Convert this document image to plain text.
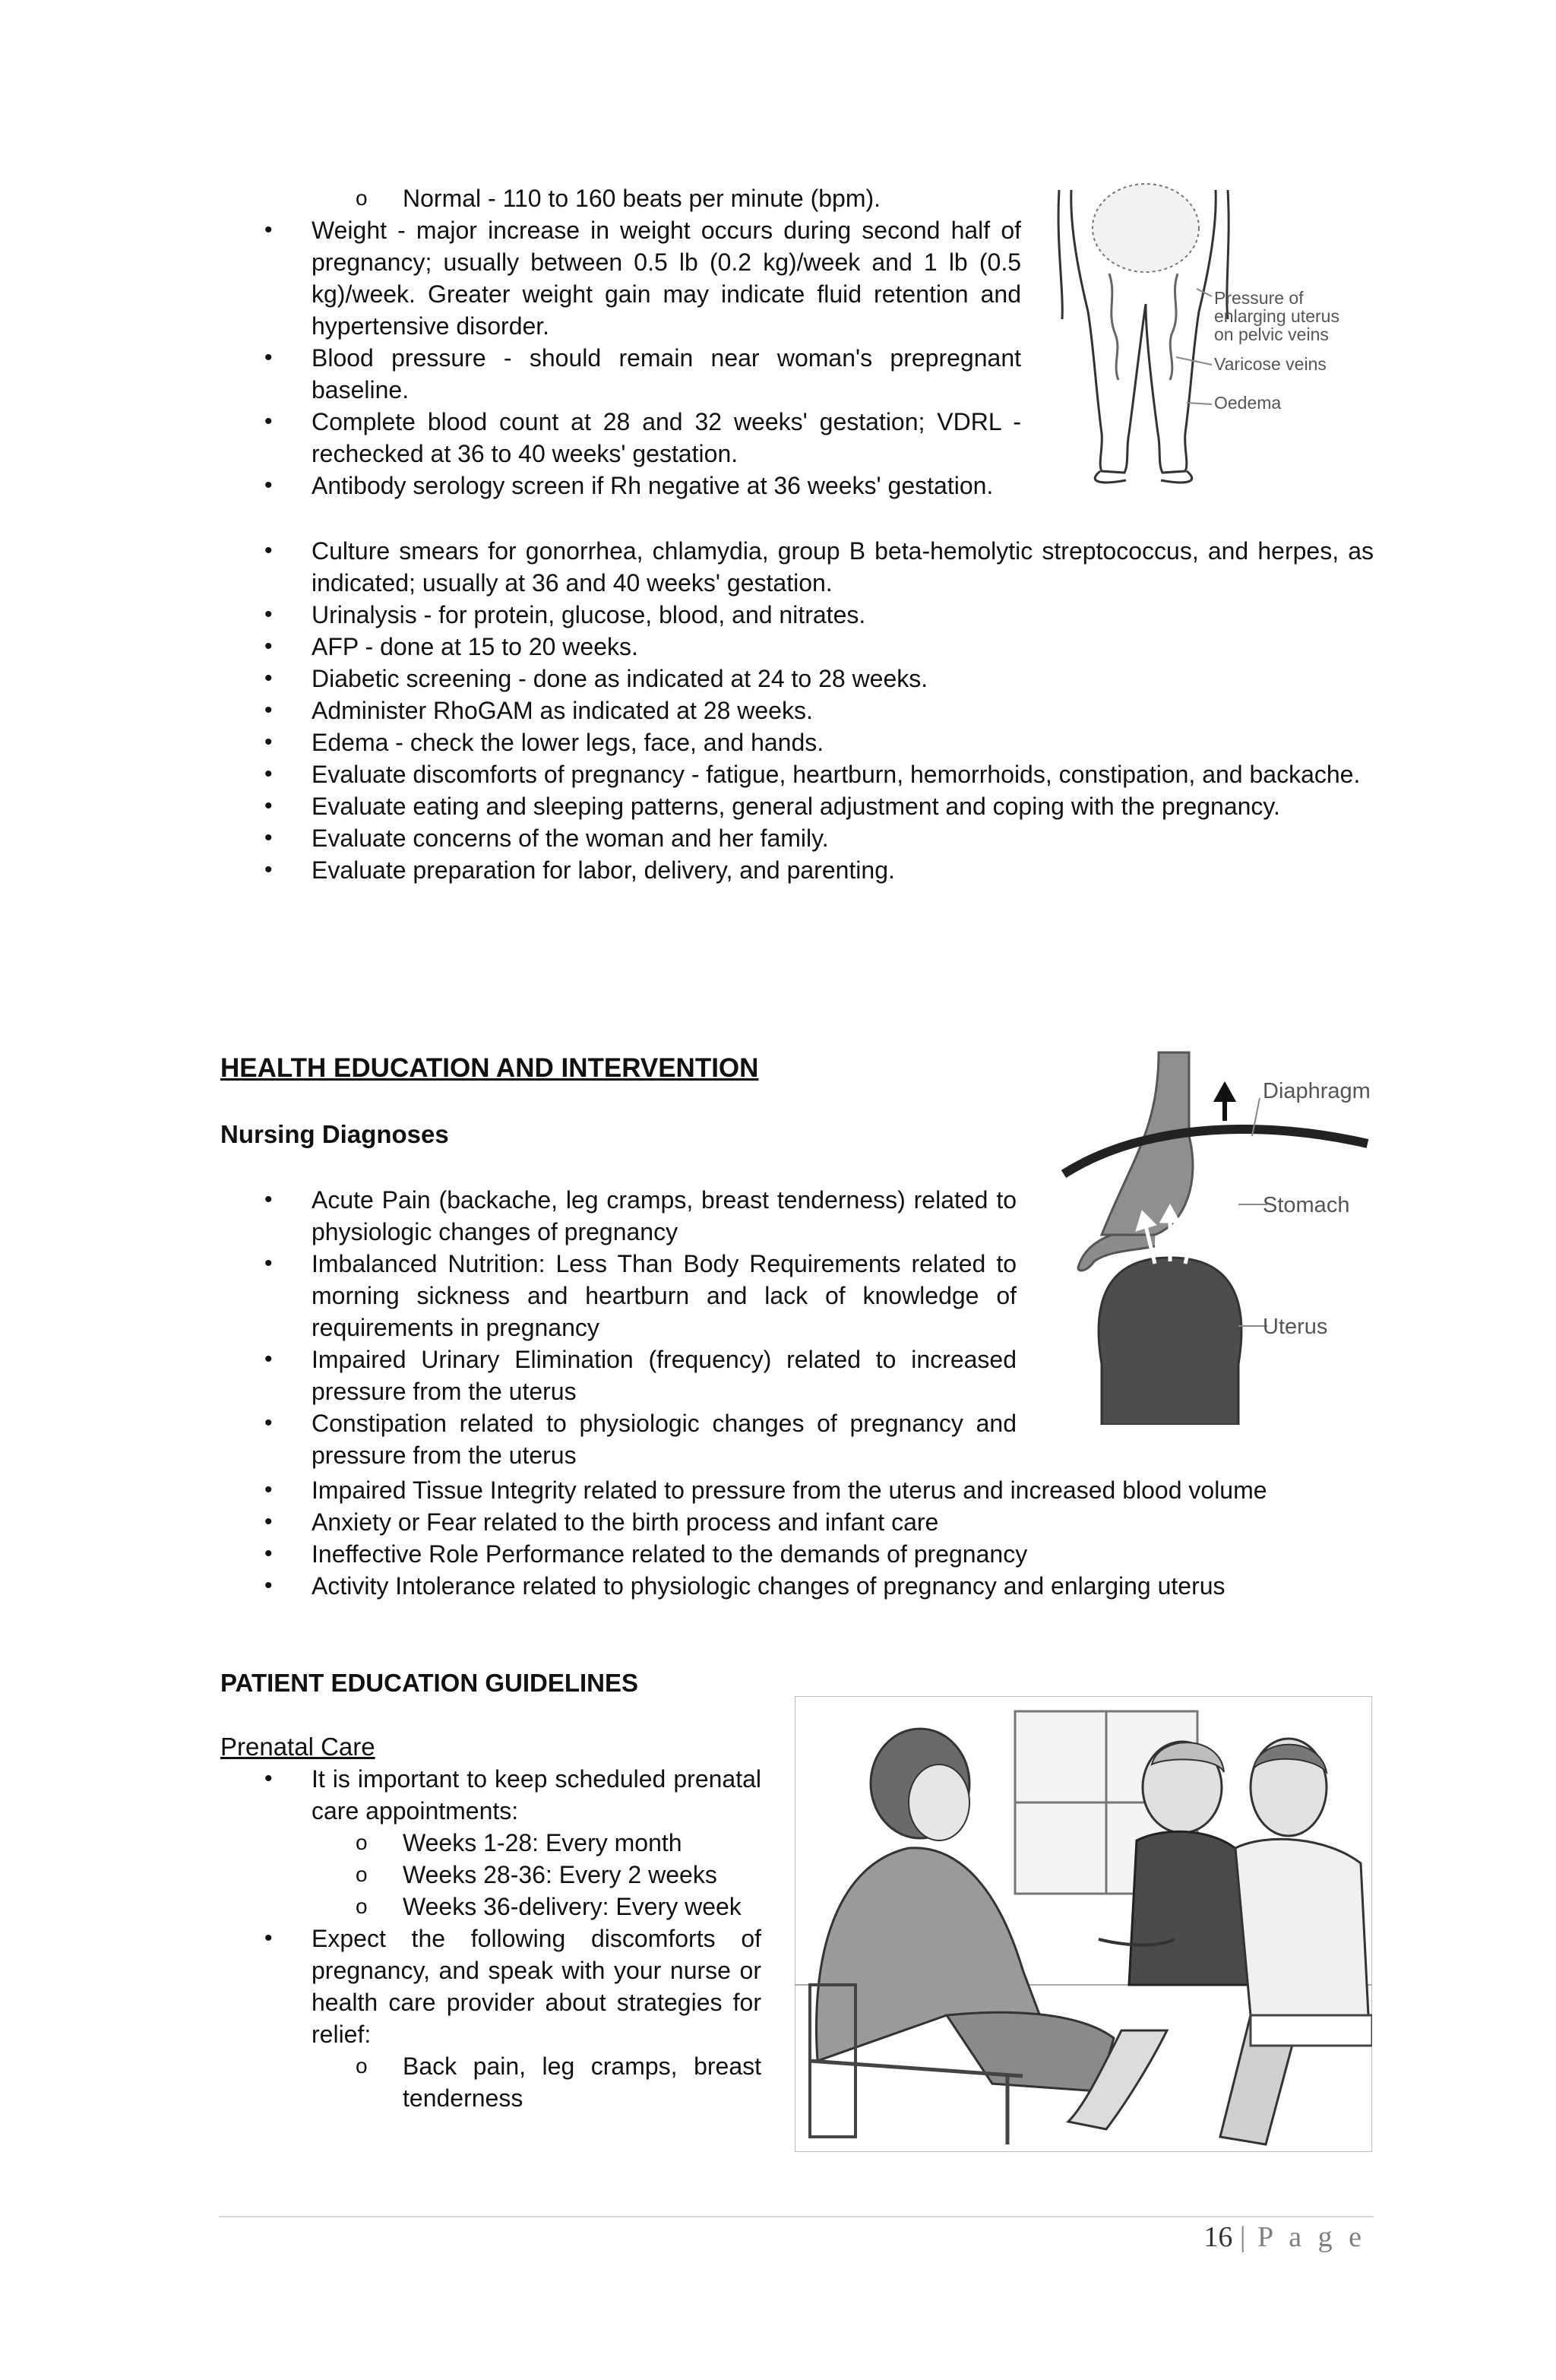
o Normal - 110 to 160 beats per minute (bpm).
• Weight - major increase in weight occurs during second half of pregnancy; usually between 0.5 lb (0.2 kg)/week and 1 lb (0.5 kg)/week. Greater weight gain may indicate fluid retention and hypertensive disorder.
• Blood pressure - should remain near woman's prepregnant baseline.
• Complete blood count at 28 and 32 weeks' gestation; VDRL - rechecked at 36 to 40 weeks' gestation.
• Antibody serology screen if Rh negative at 36 weeks' gestation.
Pressure of
enlarging uterus
on pelvic veins
Varicose veins
Oedema
• Culture smears for gonorrhea, chlamydia, group B beta-hemolytic streptococcus, and herpes, as indicated; usually at 36 and 40 weeks' gestation.
• Urinalysis - for protein, glucose, blood, and nitrates.
• AFP - done at 15 to 20 weeks.
• Diabetic screening - done as indicated at 24 to 28 weeks.
• Administer RhoGAM as indicated at 28 weeks.
• Edema - check the lower legs, face, and hands.
• Evaluate discomforts of pregnancy - fatigue, heartburn, hemorrhoids, constipation, and backache.
• Evaluate eating and sleeping patterns, general adjustment and coping with the pregnancy.
• Evaluate concerns of the woman and her family.
• Evaluate preparation for labor, delivery, and parenting.
HEALTH EDUCATION AND INTERVENTION
Nursing Diagnoses
• Acute Pain (backache, leg cramps, breast tenderness) related to physiologic changes of pregnancy
• Imbalanced Nutrition: Less Than Body Requirements related to morning sickness and heartburn and lack of knowledge of requirements in pregnancy
• Impaired Urinary Elimination (frequency) related to increased pressure from the uterus
• Constipation related to physiologic changes of pregnancy and pressure from the uterus
Diaphragm
Stomach
Uterus
• Impaired Tissue Integrity related to pressure from the uterus and increased blood volume
• Anxiety or Fear related to the birth process and infant care
• Ineffective Role Performance related to the demands of pregnancy
• Activity Intolerance related to physiologic changes of pregnancy and enlarging uterus
PATIENT EDUCATION GUIDELINES
Prenatal Care
• It is important to keep scheduled prenatal care appointments:
o Weeks 1-28: Every month
o Weeks 28-36: Every 2 weeks
o Weeks 36-delivery: Every week
• Expect the following discomforts of pregnancy, and speak with your nurse or health care provider about strategies for relief:
o Back pain, leg cramps, breast tenderness
16 | P a g e
